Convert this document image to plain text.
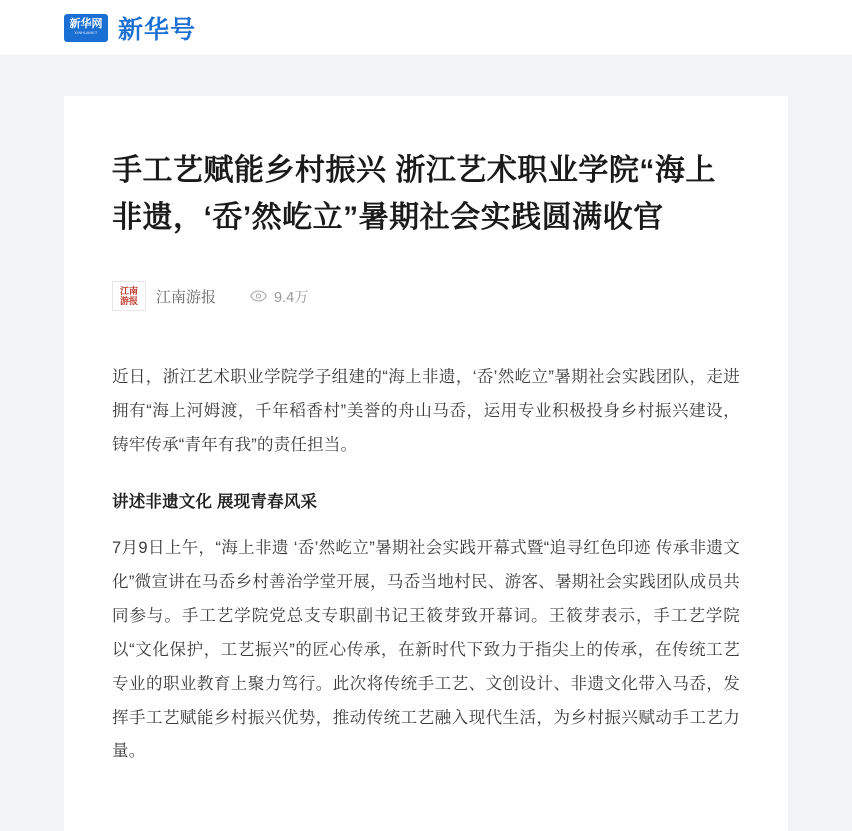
新华网
XINHUANET 新华号
手工艺赋能乡村振兴 浙江艺术职业学院“海上非遗，‘岙’然屹立”暑期社会实践圆满收官
江南
游报 江南游报	9.4万

近日，浙江艺术职业学院学子组建的“海上非遗，‘岙’然屹立”暑期社会实践团队，走进拥有“海上河姆渡，千年稻香村”美誉的舟山马岙，运用专业积极投身乡村振兴建设，铸牢传承“青年有我”的责任担当。

讲述非遗文化 展现青春风采

7月9日上午，“海上非遗 ‘岙’然屹立”暑期社会实践开幕式暨“追寻红色印迹 传承非遗文化”微宣讲在马岙乡村善治学堂开展，马岙当地村民、游客、暑期社会实践团队成员共同参与。手工艺学院党总支专职副书记王筱芽致开幕词。王筱芽表示，手工艺学院以“文化保护，工艺振兴”的匠心传承，在新时代下致力于指尖上的传承，在传统工艺专业的职业教育上聚力笃行。此次将传统手工艺、文创设计、非遗文化带入马岙，发挥手工艺赋能乡村振兴优势，推动传统工艺融入现代生活，为乡村振兴赋动手工艺力量。
